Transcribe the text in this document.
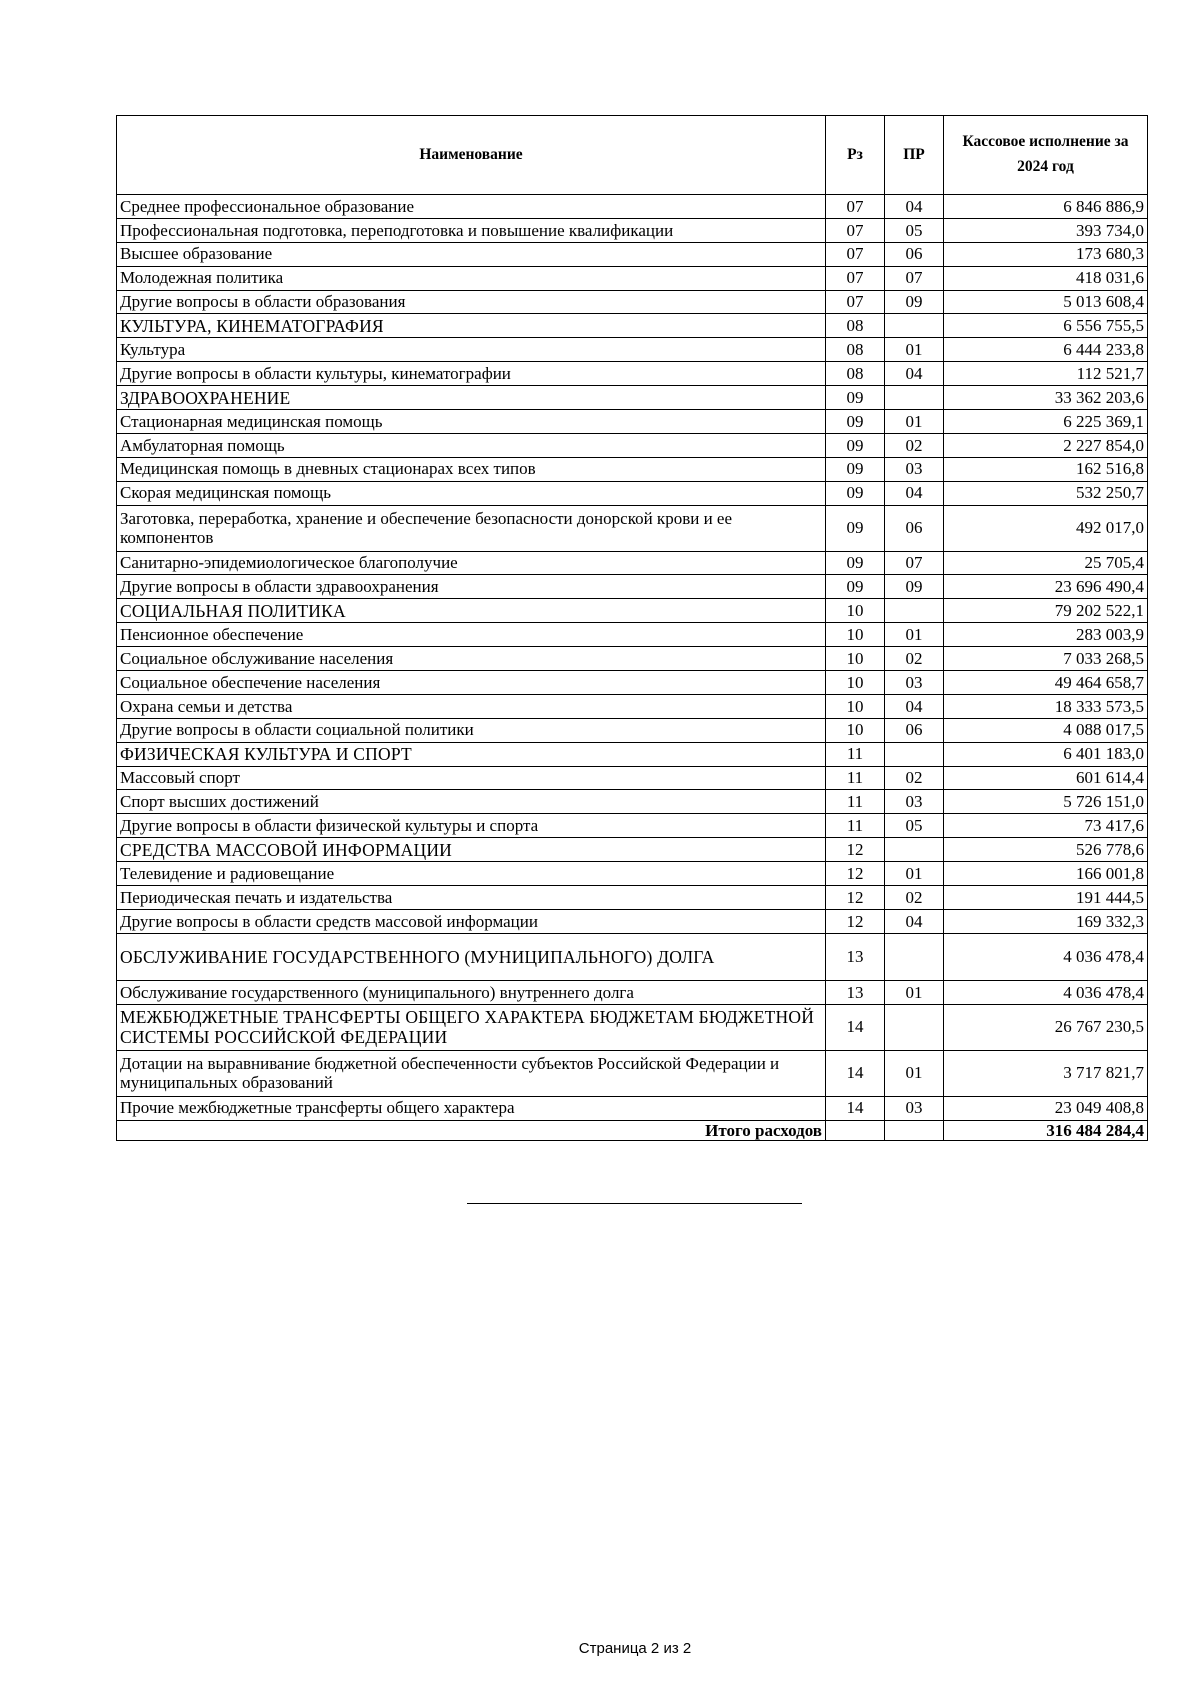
Наименование	Рз	ПР	Кассовое исполнение за 2024 год
Среднее профессиональное образование	07	04	6 846 886,9
Профессиональная подготовка, переподготовка и повышение квалификации	07	05	393 734,0
Высшее образование	07	06	173 680,3
Молодежная политика	07	07	418 031,6
Другие вопросы в области образования	07	09	5 013 608,4
КУЛЬТУРА, КИНЕМАТОГРАФИЯ	08		6 556 755,5
Культура	08	01	6 444 233,8
Другие вопросы в области культуры, кинематографии	08	04	112 521,7
ЗДРАВООХРАНЕНИЕ	09		33 362 203,6
Стационарная медицинская помощь	09	01	6 225 369,1
Амбулаторная помощь	09	02	2 227 854,0
Медицинская помощь в дневных стационарах всех типов	09	03	162 516,8
Скорая медицинская помощь	09	04	532 250,7
Заготовка, переработка, хранение и обеспечение безопасности донорской крови и ее компонентов	09	06	492 017,0
Санитарно-эпидемиологическое благополучие	09	07	25 705,4
Другие вопросы в области здравоохранения	09	09	23 696 490,4
СОЦИАЛЬНАЯ ПОЛИТИКА	10		79 202 522,1
Пенсионное обеспечение	10	01	283 003,9
Социальное обслуживание населения	10	02	7 033 268,5
Социальное обеспечение населения	10	03	49 464 658,7
Охрана семьи и детства	10	04	18 333 573,5
Другие вопросы в области социальной политики	10	06	4 088 017,5
ФИЗИЧЕСКАЯ КУЛЬТУРА И СПОРТ	11		6 401 183,0
Массовый спорт	11	02	601 614,4
Спорт высших достижений	11	03	5 726 151,0
Другие вопросы в области физической культуры и спорта	11	05	73 417,6
СРЕДСТВА МАССОВОЙ ИНФОРМАЦИИ	12		526 778,6
Телевидение и радиовещание	12	01	166 001,8
Периодическая печать и издательства	12	02	191 444,5
Другие вопросы в области средств массовой информации	12	04	169 332,3
ОБСЛУЖИВАНИЕ ГОСУДАРСТВЕННОГО (МУНИЦИПАЛЬНОГО) ДОЛГА	13		4 036 478,4
Обслуживание государственного (муниципального) внутреннего долга	13	01	4 036 478,4
МЕЖБЮДЖЕТНЫЕ ТРАНСФЕРТЫ ОБЩЕГО ХАРАКТЕРА БЮДЖЕТАМ БЮДЖЕТНОЙ СИСТЕМЫ РОССИЙСКОЙ ФЕДЕРАЦИИ	14		26 767 230,5
Дотации на выравнивание бюджетной обеспеченности субъектов Российской Федерации и муниципальных образований	14	01	3 717 821,7
Прочие межбюджетные трансферты общего характера	14	03	23 049 408,8
Итого расходов			316 484 284,4
Страница 2 из 2
